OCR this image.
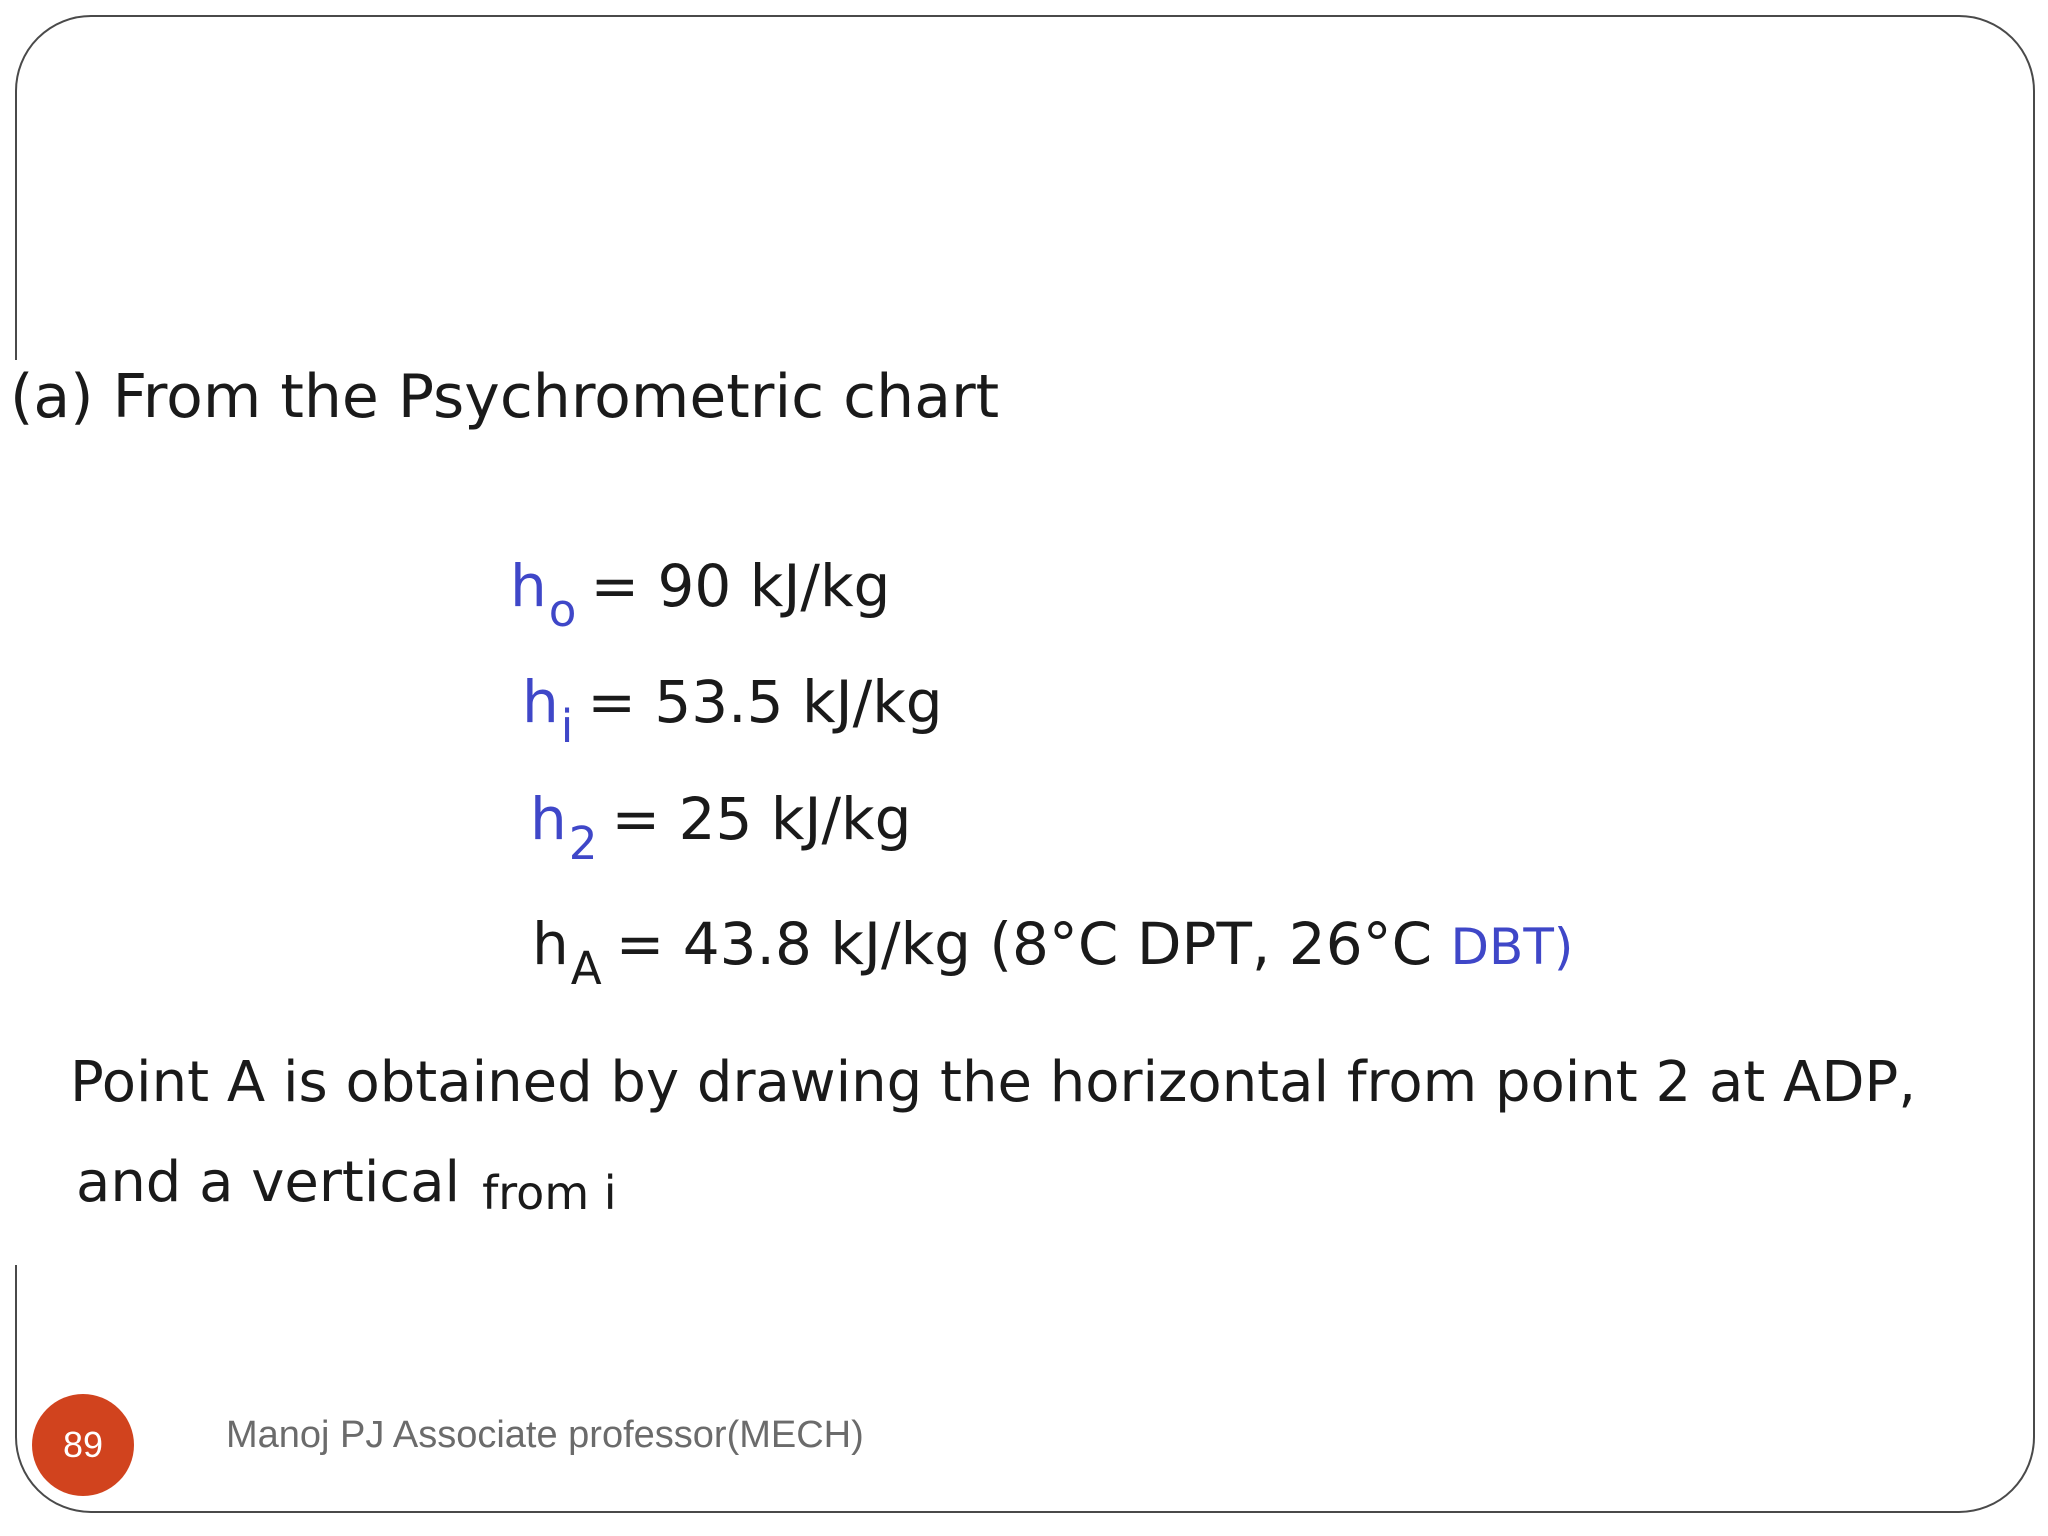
(a) From the Psychrometric chart
$h_o = 90$ kJ/kg
$h_i = 53.5$ kJ/kg
$h_2 = 25$ kJ/kg
$h_A = 43.8$ kJ/kg (8°C DPT, 26°C DBT)
Point A is obtained by drawing the horizontal from point 2 at ADP,
and a vertical from i
89	Manoj PJ Associate professor(MECH)
